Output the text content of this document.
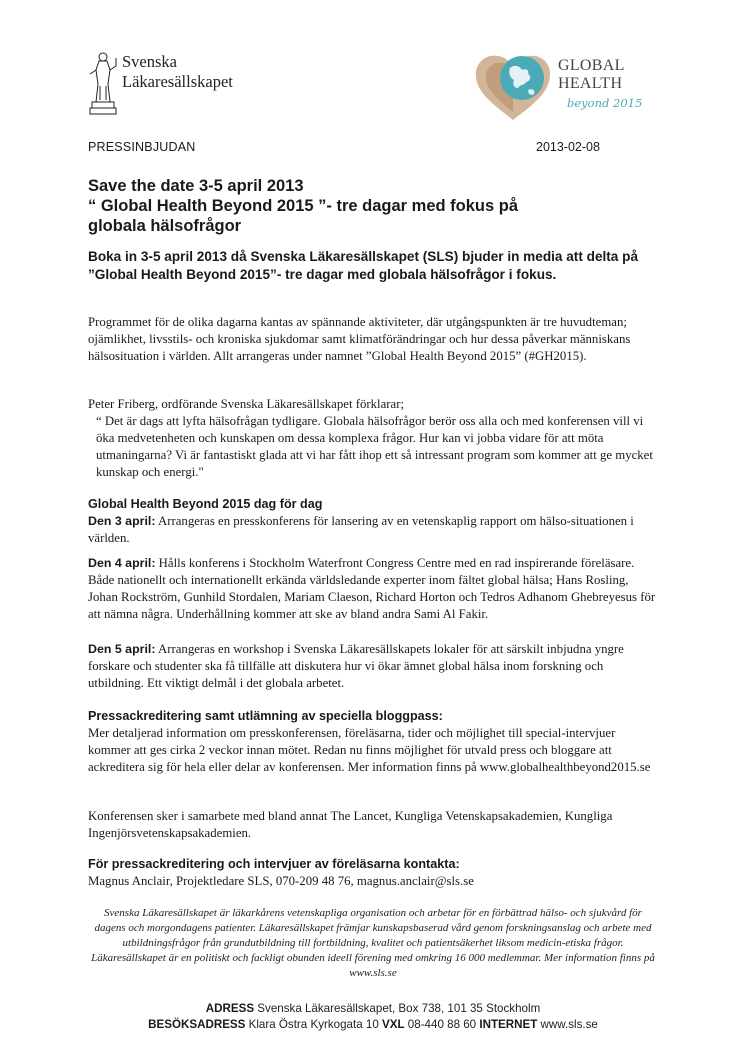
Svenska
Läkaresällskapet
GLOBAL
HEALTH
beyond 2015
PRESSINBJUDAN	2013-02-08
Save the date 3-5 april 2013
“ Global Health Beyond 2015 ”- tre dagar med fokus på
globala hälsofrågor
Boka in 3-5 april 2013 då Svenska Läkaresällskapet (SLS) bjuder in media att delta på ”Global Health Beyond 2015”- tre dagar med globala hälsofrågor i fokus.
Programmet för de olika dagarna kantas av spännande aktiviteter, där utgångspunkten är tre huvudteman; ojämlikhet, livsstils- och kroniska sjukdomar samt klimatförändringar och hur dessa påverkar människans hälsosituation i världen. Allt arrangeras under namnet ”Global Health Beyond 2015” (#GH2015).
Peter Friberg, ordförande Svenska Läkaresällskapet förklarar;
“ Det är dags att lyfta hälsofrågan tydligare. Globala hälsofrågor berör oss alla och med konferensen vill vi öka medvetenheten och kunskapen om dessa komplexa frågor. Hur kan vi jobba vidare för att möta utmaningarna? Vi är fantastiskt glada att vi har fått ihop ett så intressant program som kommer att ge mycket kunskap och energi."
Global Health Beyond 2015 dag för dag
Den 3 april: Arrangeras en presskonferens för lansering av en vetenskaplig rapport om hälso-situationen i världen.
Den 4 april: Hålls konferens i Stockholm Waterfront Congress Centre med en rad inspirerande föreläsare. Både nationellt och internationellt erkända världsledande experter inom fältet global hälsa; Hans Rosling, Johan Rockström, Gunhild Stordalen, Mariam Claeson, Richard Horton och Tedros Adhanom Ghebreyesus för att nämna några. Underhållning kommer att ske av bland andra Sami Al Fakir.
Den 5 april: Arrangeras en workshop i Svenska Läkaresällskapets lokaler för att särskilt inbjudna yngre forskare och studenter ska få tillfälle att diskutera hur vi ökar ämnet global hälsa inom forskning och utbildning. Ett viktigt delmål i det globala arbetet.
Pressackreditering samt utlämning av speciella bloggpass:
Mer detaljerad information om presskonferensen, föreläsarna, tider och möjlighet till special-intervjuer kommer att ges cirka 2 veckor innan mötet. Redan nu finns möjlighet för utvald press och bloggare att ackreditera sig för hela eller delar av konferensen. Mer information finns på www.globalhealthbeyond2015.se
Konferensen sker i samarbete med bland annat The Lancet, Kungliga Vetenskapsakademien, Kungliga Ingenjörsvetenskapsakademien.
För pressackreditering och intervjuer av föreläsarna kontakta:
Magnus Anclair, Projektledare SLS, 070-209 48 76, magnus.anclair@sls.se
Svenska Läkaresällskapet är läkarkårens vetenskapliga organisation och arbetar för en förbättrad hälso- och sjukvård för dagens och morgondagens patienter. Läkaresällskapet främjar kunskapsbaserad vård genom forskningsanslag och arbete med utbildningsfrågor från grundutbildning till fortbildning, kvalitet och patientsäkerhet liksom medicin-etiska frågor. Läkaresällskapet är en politiskt och fackligt obunden ideell förening med omkring 16 000 medlemmar. Mer information finns på www.sls.se
ADRESS Svenska Läkaresällskapet, Box 738, 101 35 Stockholm
BESÖKSADRESS Klara Östra Kyrkogata 10 VXL 08-440 88 60 INTERNET www.sls.se
